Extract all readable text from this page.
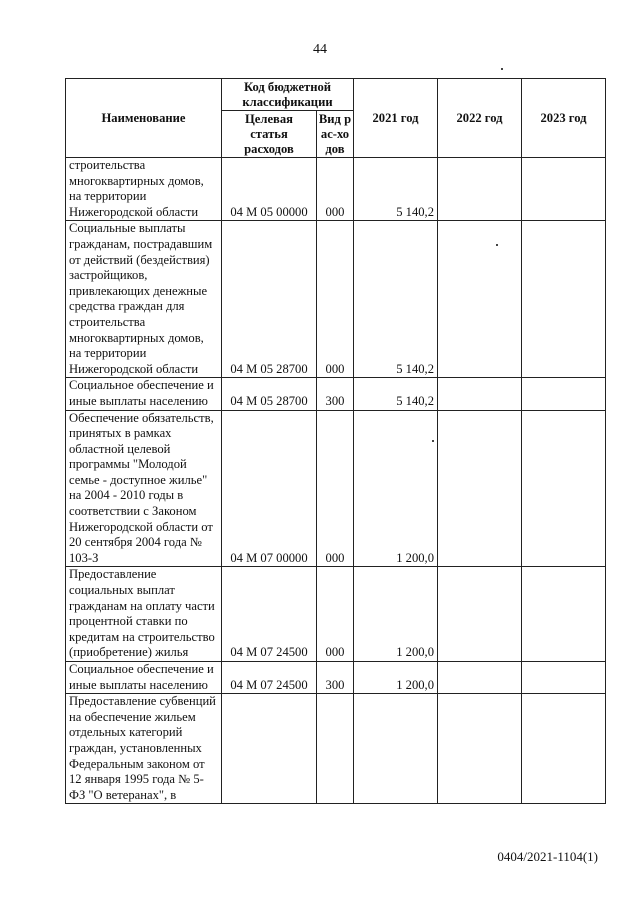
44
Наименование	Код бюджетной классификации		2021 год	2022 год	2023 год
	Целевая статья расходов	Вид рас-ходов			
строительства многоквартирных домов, на территории Нижегородской области	04 М 05 00000	000	5 140,2		
Социальные выплаты гражданам, пострадавшим от действий (бездействия) застройщиков, привлекающих денежные средства граждан для строительства многоквартирных домов, на территории Нижегородской области	04 М 05 28700	000	5 140,2		
Социальное обеспечение и иные выплаты населению	04 М 05 28700	300	5 140,2		
Обеспечение обязательств, принятых в рамках областной целевой программы "Молодой семье - доступное жилье" на 2004 - 2010 годы в соответствии с Законом Нижегородской области от 20 сентября 2004 года № 103-З	04 М 07 00000	000	1 200,0		
Предоставление социальных выплат гражданам на оплату части процентной ставки по кредитам на строительство (приобретение) жилья	04 М 07 24500	000	1 200,0		
Социальное обеспечение и иные выплаты населению	04 М 07 24500	300	1 200,0		
Предоставление субвенций на обеспечение жильем отдельных категорий граждан, установленных Федеральным законом от 12 января 1995 года № 5-ФЗ "О ветеранах", в					
0404/2021-1104(1)
